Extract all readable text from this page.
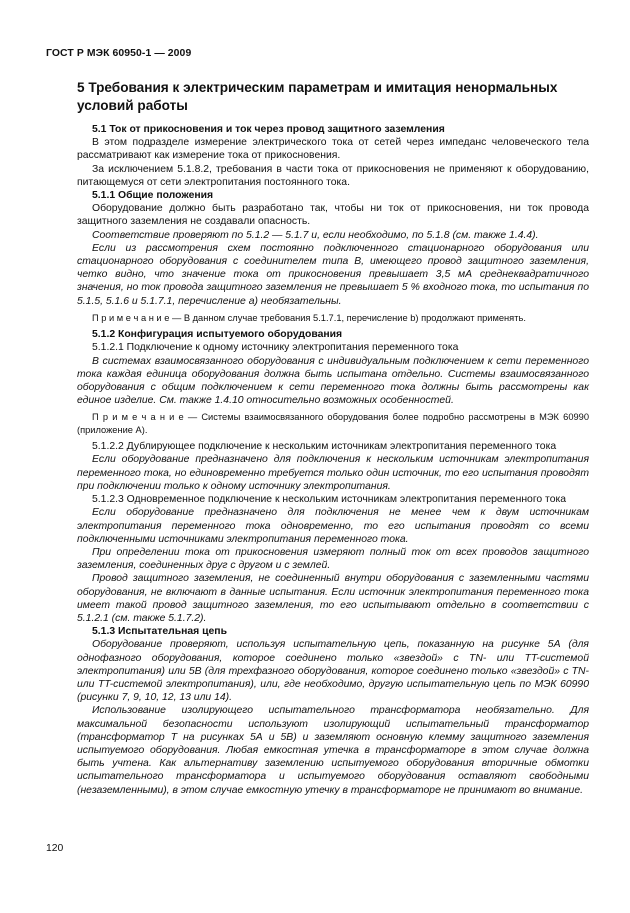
ГОСТ Р МЭК 60950-1 — 2009
5 Требования к электрическим параметрам и имитация ненормальных условий работы

5.1 Ток от прикосновения и ток через провод защитного заземления

В этом подразделе измерение электрического тока от сетей через импеданс человеческого тела рассматривают как измерение тока от прикосновения.

За исключением 5.1.8.2, требования в части тока от прикосновения не применяют к оборудованию, питающемуся от сети электропитания постоянного тока.

5.1.1 Общие положения

Оборудование должно быть разработано так, чтобы ни ток от прикосновения, ни ток провода защитного заземления не создавали опасность.

Соответствие проверяют по 5.1.2 — 5.1.7 и, если необходимо, по 5.1.8 (см. также 1.4.4).

Если из рассмотрения схем постоянно подключенного стационарного оборудования или стационарного оборудования с соединителем типа В, имеющего провод защитного заземления, четко видно, что значение тока от прикосновения превышает 3,5 мА среднеквадратичного значения, но ток провода защитного заземления не превышает 5 % входного тока, то испытания по 5.1.5, 5.1.6 и 5.1.7.1, перечисление а) необязательны.

П р и м е ч а н и е — В данном случае требования 5.1.7.1, перечисление b) продолжают применять.

5.1.2 Конфигурация испытуемого оборудования

5.1.2.1 Подключение к одному источнику электропитания переменного тока

В системах взаимосвязанного оборудования с индивидуальным подключением к сети переменного тока каждая единица оборудования должна быть испытана отдельно. Системы взаимосвязанного оборудования с общим подключением к сети переменного тока должны быть рассмотрены как единое изделие. См. также 1.4.10 относительно возможных особенностей.

П р и м е ч а н и е — Системы взаимосвязанного оборудования более подробно рассмотрены в МЭК 60990 (приложение А).

5.1.2.2 Дублирующее подключение к нескольким источникам электропитания переменного тока

Если оборудование предназначено для подключения к нескольким источникам электропитания переменного тока, но единовременно требуется только один источник, то его испытания проводят при подключении только к одному источнику электропитания.

5.1.2.3 Одновременное подключение к нескольким источникам электропитания переменного тока

Если оборудование предназначено для подключения не менее чем к двум источникам электропитания переменного тока одновременно, то его испытания проводят со всеми подключенными источниками электропитания переменного тока.

При определении тока от прикосновения измеряют полный ток от всех проводов защитного заземления, соединенных друг с другом и с землей.

Провод защитного заземления, не соединенный внутри оборудования с заземленными частями оборудования, не включают в данные испытания. Если источник электропитания переменного тока имеет такой провод защитного заземления, то его испытывают отдельно в соответствии с 5.1.2.1 (см. также 5.1.7.2).

5.1.3 Испытательная цепь

Оборудование проверяют, используя испытательную цепь, показанную на рисунке 5А (для однофазного оборудования, которое соединено только «звездой» с TN- или TT-системой электропитания) или 5В (для трехфазного оборудования, которое соединено только «звездой» с TN- или TT-системой электропитания), или, где необходимо, другую испытательную цепь по МЭК 60990 (рисунки 7, 9, 10, 12, 13 или 14).

Использование изолирующего испытательного трансформатора необязательно. Для максимальной безопасности используют изолирующий испытательный трансформатор (трансформатор Т на рисунках 5А и 5В) и заземляют основную клемму защитного заземления испытуемого оборудования. Любая емкостная утечка в трансформаторе в этом случае должна быть учтена. Как альтернативу заземлению испытуемого оборудования вторичные обмотки испытательного трансформатора и испытуемого оборудования оставляют свободными (незаземленными), в этом случае емкостную утечку в трансформаторе не принимают во внимание.

120
